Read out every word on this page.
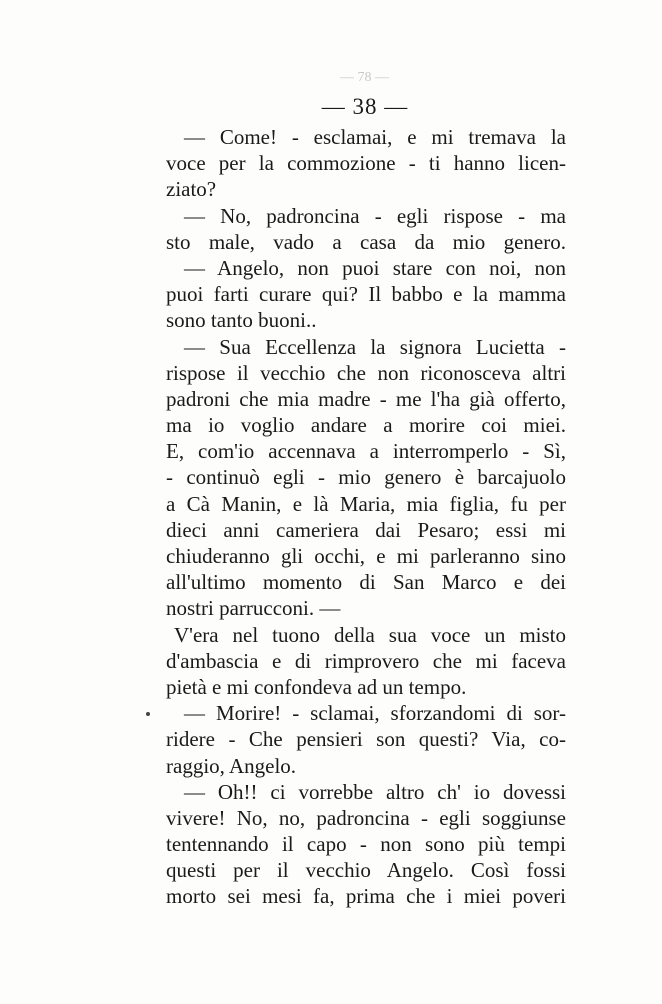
— 78 —
— 38 —
— Come! - esclamai, e mi tremava la
voce per la commozione - ti hanno licen-
ziato?
— No, padroncina - egli rispose - ma
sto male, vado a casa da mio genero.
— Angelo, non puoi stare con noi, non
puoi farti curare qui? Il babbo e la mamma
sono tanto buoni..
— Sua Eccellenza la signora Lucietta -
rispose il vecchio che non riconosceva altri
padroni che mia madre - me l'ha già offerto,
ma io voglio andare a morire coi miei.
E, com'io accennava a interromperlo - Sì,
- continuò egli - mio genero è barcajuolo
a Cà Manin, e là Maria, mia figlia, fu per
dieci anni cameriera dai Pesaro; essi mi
chiuderanno gli occhi, e mi parleranno sino
all'ultimo momento di San Marco e dei
nostri parrucconi. —
V'era nel tuono della sua voce un misto
d'ambascia e di rimprovero che mi faceva
pietà e mi confondeva ad un tempo.
— Morire! - sclamai, sforzandomi di sor-
ridere - Che pensieri son questi? Via, co-
raggio, Angelo.
— Oh!! ci vorrebbe altro ch' io dovessi
vivere! No, no, padroncina - egli soggiunse
tentennando il capo - non sono più tempi
questi per il vecchio Angelo. Così fossi
morto sei mesi fa, prima che i miei poveri
